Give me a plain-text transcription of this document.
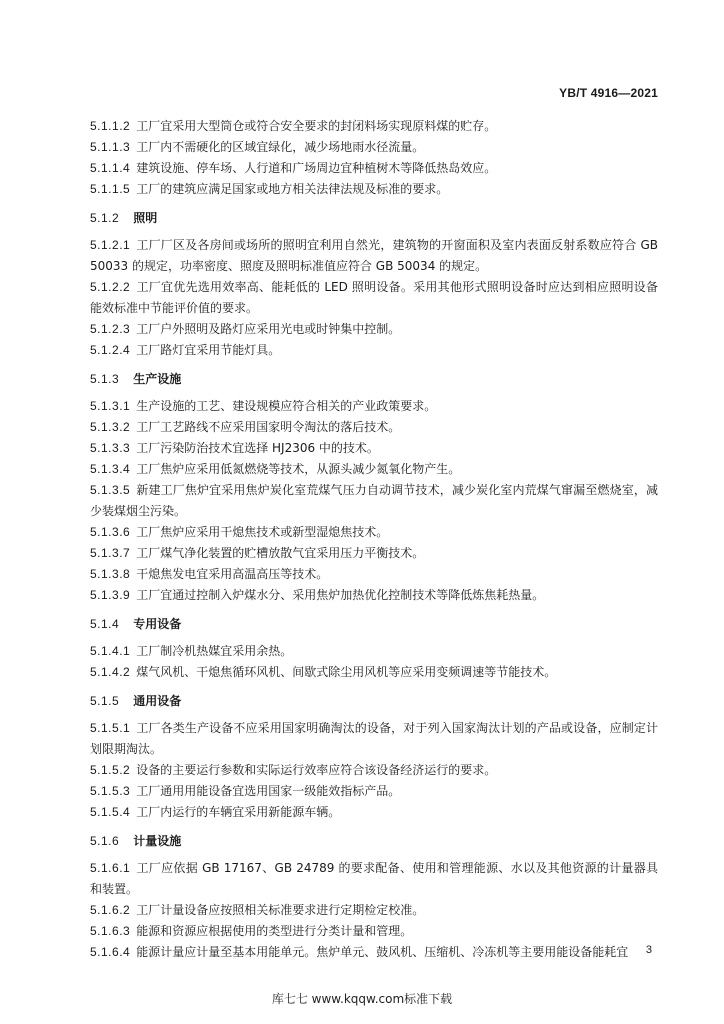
YB/T 4916—2021

5.1.1.2 工厂宜采用大型筒仓或符合安全要求的封闭料场实现原料煤的贮存。

5.1.1.3 工厂内不需硬化的区域宜绿化，减少场地雨水径流量。

5.1.1.4 建筑设施、停车场、人行道和广场周边宜种植树木等降低热岛效应。

5.1.1.5 工厂的建筑应满足国家或地方相关法律法规及标准的要求。

5.1.2 照明

5.1.2.1 工厂厂区及各房间或场所的照明宜利用自然光，建筑物的开窗面积及室内表面反射系数应符合 GB 50033 的规定，功率密度、照度及照明标准值应符合 GB 50034 的规定。

5.1.2.2 工厂宜优先选用效率高、能耗低的 LED 照明设备。采用其他形式照明设备时应达到相应照明设备能效标准中节能评价值的要求。

5.1.2.3 工厂户外照明及路灯应采用光电或时钟集中控制。

5.1.2.4 工厂路灯宜采用节能灯具。

5.1.3 生产设施

5.1.3.1 生产设施的工艺、建设规模应符合相关的产业政策要求。

5.1.3.2 工厂工艺路线不应采用国家明令淘汰的落后技术。

5.1.3.3 工厂污染防治技术宜选择 HJ2306 中的技术。

5.1.3.4 工厂焦炉应采用低氮燃烧等技术，从源头减少氮氧化物产生。

5.1.3.5 新建工厂焦炉宜采用焦炉炭化室荒煤气压力自动调节技术，减少炭化室内荒煤气窜漏至燃烧室，减少装煤烟尘污染。

5.1.3.6 工厂焦炉应采用干熄焦技术或新型湿熄焦技术。

5.1.3.7 工厂煤气净化装置的贮槽放散气宜采用压力平衡技术。

5.1.3.8 干熄焦发电宜采用高温高压等技术。

5.1.3.9 工厂宜通过控制入炉煤水分、采用焦炉加热优化控制技术等降低炼焦耗热量。

5.1.4 专用设备

5.1.4.1 工厂制冷机热媒宜采用余热。

5.1.4.2 煤气风机、干熄焦循环风机、间歇式除尘用风机等应采用变频调速等节能技术。

5.1.5 通用设备

5.1.5.1 工厂各类生产设备不应采用国家明确淘汰的设备，对于列入国家淘汰计划的产品或设备，应制定计划限期淘汰。

5.1.5.2 设备的主要运行参数和实际运行效率应符合该设备经济运行的要求。

5.1.5.3 工厂通用用能设备宜选用国家一级能效指标产品。

5.1.5.4 工厂内运行的车辆宜采用新能源车辆。

5.1.6 计量设施

5.1.6.1 工厂应依据 GB 17167、GB 24789 的要求配备、使用和管理能源、水以及其他资源的计量器具和装置。

5.1.6.2 工厂计量设备应按照相关标准要求进行定期检定校准。

5.1.6.3 能源和资源应根据使用的类型进行分类计量和管理。

5.1.6.4 能源计量应计量至基本用能单元。焦炉单元、鼓风机、压缩机、冷冻机等主要用能设备能耗宜	3
库七七 www.kqqw.com标准下载
